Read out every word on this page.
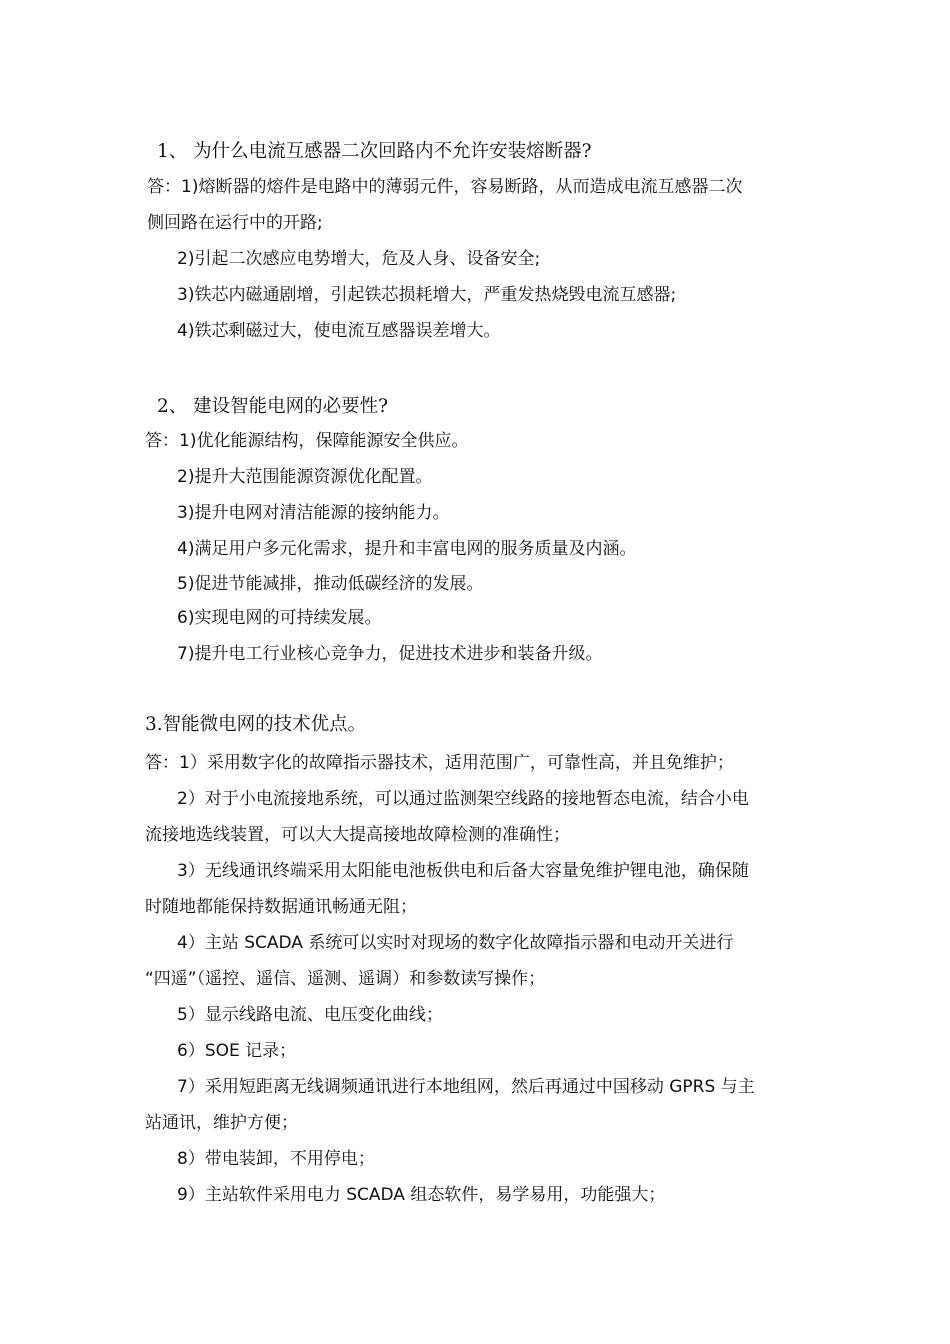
1、 为什么电流互感器二次回路内不允许安装熔断器?
答：1)熔断器的熔件是电路中的薄弱元件，容易断路，从而造成电流互感器二次
侧回路在运行中的开路;
2)引起二次感应电势增大，危及人身、设备安全;
3)铁芯内磁通剧增，引起铁芯损耗增大，严重发热烧毁电流互感器;
4)铁芯剩磁过大，使电流互感器误差增大。
2、 建设智能电网的必要性?
答：1)优化能源结构，保障能源安全供应。
2)提升大范围能源资源优化配置。
3)提升电网对清洁能源的接纳能力。
4)满足用户多元化需求，提升和丰富电网的服务质量及内涵。
5)促进节能减排，推动低碳经济的发展。
6)实现电网的可持续发展。
7)提升电工行业核心竞争力，促进技术进步和装备升级。
3.智能微电网的技术优点。
答：1）采用数字化的故障指示器技术，适用范围广，可靠性高，并且免维护；
2）对于小电流接地系统，可以通过监测架空线路的接地暂态电流，结合小电
流接地选线装置，可以大大提高接地故障检测的准确性；
3）无线通讯终端采用太阳能电池板供电和后备大容量免维护锂电池，确保随
时随地都能保持数据通讯畅通无阻；
4）主站 SCADA 系统可以实时对现场的数字化故障指示器和电动开关进行
“四遥”（遥控、遥信、遥测、遥调）和参数读写操作；
5）显示线路电流、电压变化曲线；
6）SOE 记录；
7）采用短距离无线调频通讯进行本地组网，然后再通过中国移动 GPRS 与主
站通讯，维护方便；
8）带电装卸，不用停电；
9）主站软件采用电力 SCADA 组态软件，易学易用，功能强大；
